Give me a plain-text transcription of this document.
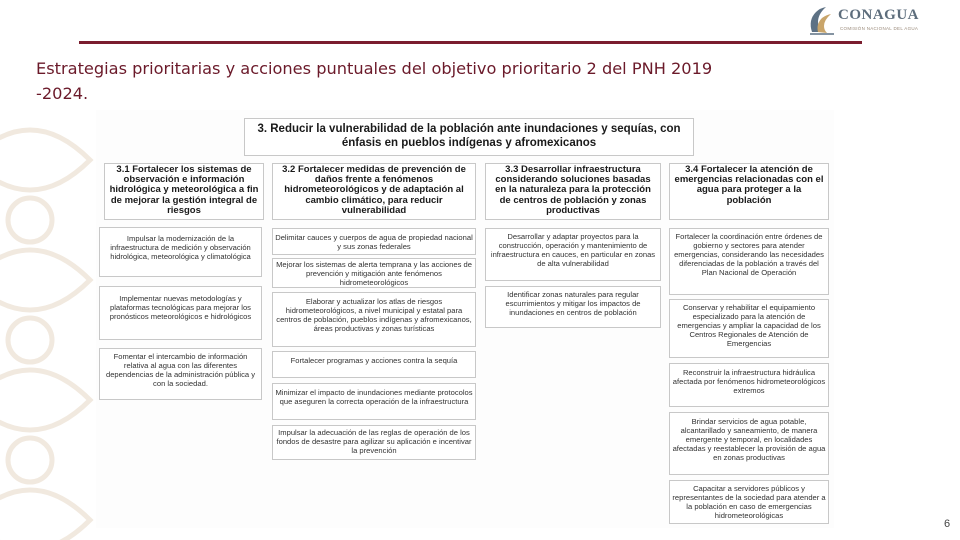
CONAGUA
COMISIÓN NACIONAL DEL AGUA
Estrategias prioritarias y acciones puntuales del objetivo prioritario 2 del PNH 2019
-2024.
3. Reducir la vulnerabilidad de la población ante inundaciones y sequías, con énfasis en pueblos indígenas y afromexicanos
3.1 Fortalecer los sistemas de observación e información hidrológica y meteorológica a fin de mejorar la gestión integral de riesgos
Impulsar la modernización de la infraestructura de medición y observación hidrológica, meteorológica y climatológica
Implementar nuevas metodologías y plataformas tecnológicas para mejorar los pronósticos meteorológicos e hidrológicos
Fomentar el intercambio de información relativa al agua con las diferentes dependencias de la administración pública y con la sociedad.
3.2 Fortalecer medidas de prevención de daños frente a fenómenos hidrometeorológicos y de adaptación al cambio climático, para reducir vulnerabilidad
Delimitar cauces y cuerpos de agua de propiedad nacional y sus zonas federales
Mejorar los sistemas de alerta temprana y las acciones de prevención y mitigación ante fenómenos hidrometeorológicos
Elaborar y actualizar los atlas de riesgos hidrometeorológicos, a nivel municipal y estatal para centros de población, pueblos indígenas y afromexicanos, áreas productivas y zonas turísticas
Fortalecer programas y acciones contra la sequía
Minimizar el impacto de inundaciones mediante protocolos que aseguren la correcta operación de la infraestructura
Impulsar la adecuación de las reglas de operación de los fondos de desastre para agilizar su aplicación e incentivar la prevención
3.3 Desarrollar infraestructura considerando soluciones basadas en la naturaleza para la protección de centros de población y zonas productivas
Desarrollar y adaptar proyectos para la construcción, operación y mantenimiento de infraestructura en cauces, en particular en zonas de alta vulnerabilidad
Identificar zonas naturales para regular escurrimientos y mitigar los impactos de inundaciones en centros de población
3.4 Fortalecer la atención de emergencias relacionadas con el agua para proteger a la población
Fortalecer la coordinación entre órdenes de gobierno y sectores para atender emergencias, considerando las necesidades diferenciadas de la población a través del Plan Nacional de Operación
Conservar y rehabilitar el equipamiento especializado para la atención de emergencias y ampliar la capacidad de los Centros Regionales de Atención de Emergencias
Reconstruir la infraestructura hidráulica afectada por fenómenos hidrometeorológicos extremos
Brindar servicios de agua potable, alcantarillado y saneamiento, de manera emergente y temporal, en localidades afectadas y reestablecer la provisión de agua en zonas productivas
Capacitar a servidores públicos y representantes de la sociedad para atender a la población en caso de emergencias hidrometeorológicas
6
